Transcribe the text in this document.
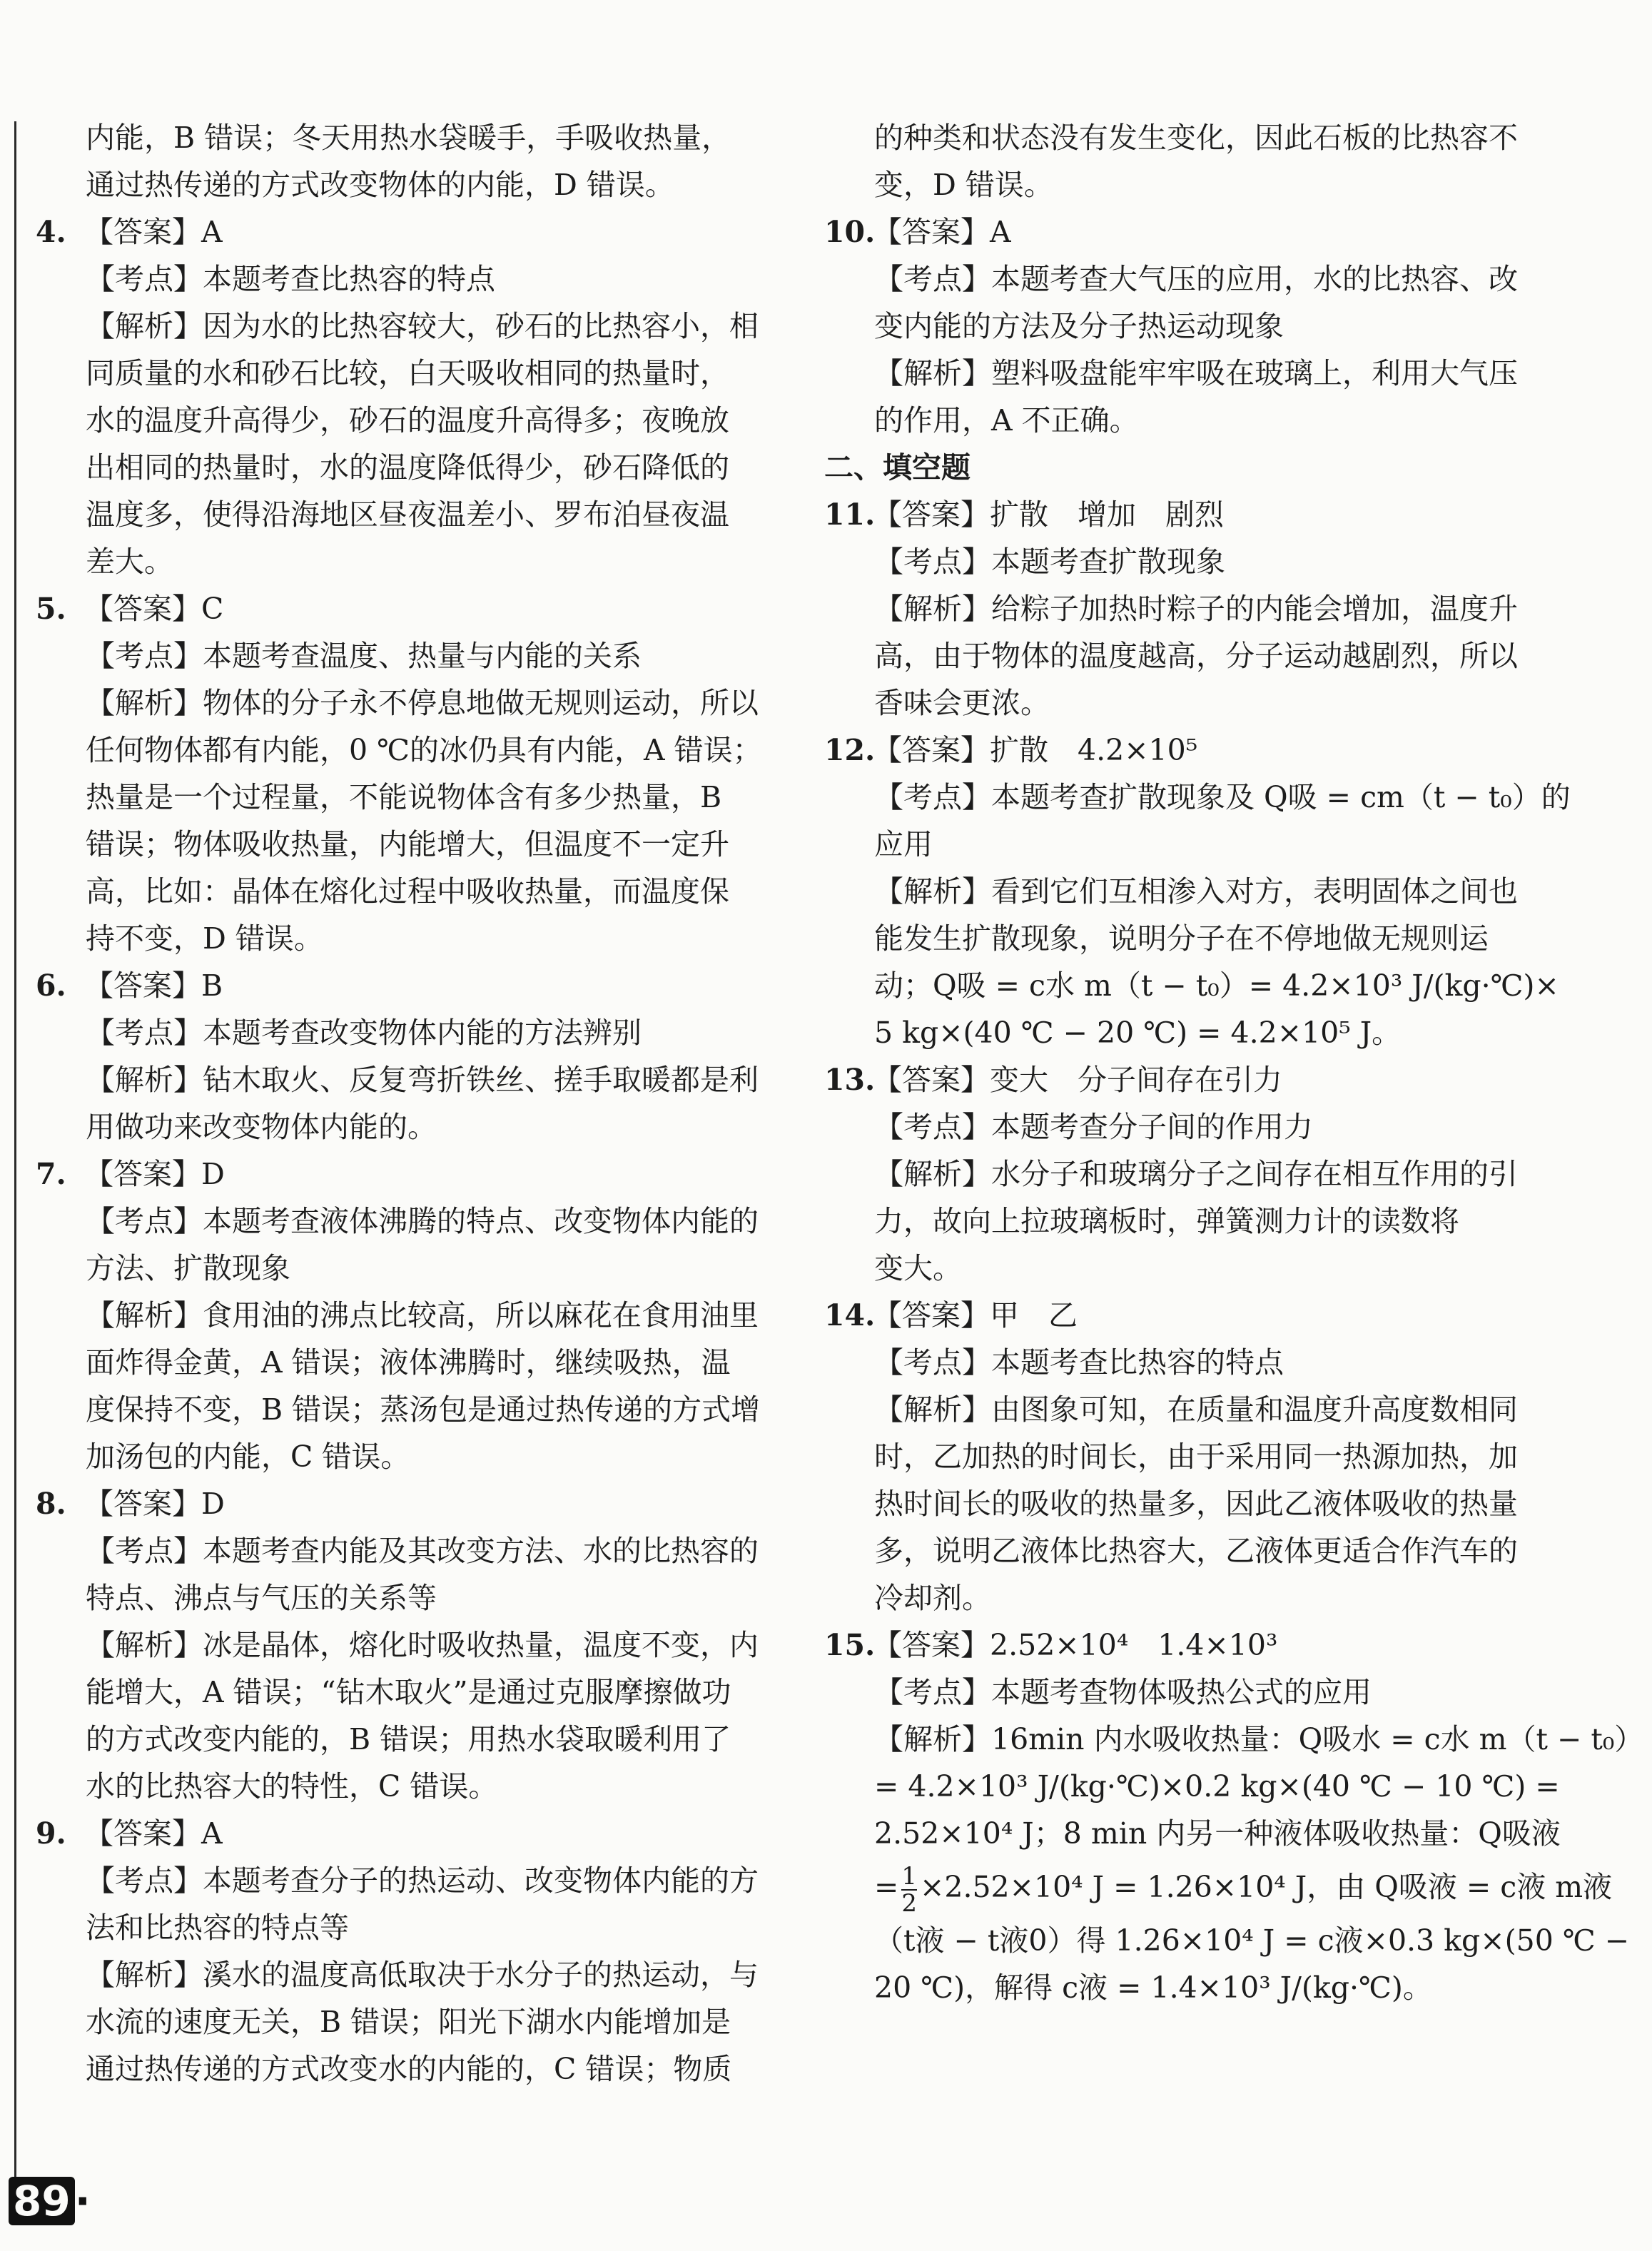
内能，B 错误；冬天用热水袋暖手，手吸收热量，
通过热传递的方式改变物体的内能，D 错误。
4. 【答案】A
【考点】本题考查比热容的特点
【解析】因为水的比热容较大，砂石的比热容小，相
同质量的水和砂石比较，白天吸收相同的热量时，
水的温度升高得少，砂石的温度升高得多；夜晚放
出相同的热量时，水的温度降低得少，砂石降低的
温度多，使得沿海地区昼夜温差小、罗布泊昼夜温
差大。
5. 【答案】C
【考点】本题考查温度、热量与内能的关系
【解析】物体的分子永不停息地做无规则运动，所以
任何物体都有内能，0 ℃的冰仍具有内能，A 错误；
热量是一个过程量，不能说物体含有多少热量，B
错误；物体吸收热量，内能增大，但温度不一定升
高，比如：晶体在熔化过程中吸收热量，而温度保
持不变，D 错误。
6. 【答案】B
【考点】本题考查改变物体内能的方法辨别
【解析】钻木取火、反复弯折铁丝、搓手取暖都是利
用做功来改变物体内能的。
7. 【答案】D
【考点】本题考查液体沸腾的特点、改变物体内能的
方法、扩散现象
【解析】食用油的沸点比较高，所以麻花在食用油里
面炸得金黄，A 错误；液体沸腾时，继续吸热，温
度保持不变，B 错误；蒸汤包是通过热传递的方式增
加汤包的内能，C 错误。
8. 【答案】D
【考点】本题考查内能及其改变方法、水的比热容的
特点、沸点与气压的关系等
【解析】冰是晶体，熔化时吸收热量，温度不变，内
能增大，A 错误；“钻木取火”是通过克服摩擦做功
的方式改变内能的，B 错误；用热水袋取暖利用了
水的比热容大的特性，C 错误。
9. 【答案】A
【考点】本题考查分子的热运动、改变物体内能的方
法和比热容的特点等
【解析】溪水的温度高低取决于水分子的热运动，与
水流的速度无关，B 错误；阳光下湖水内能增加是
通过热传递的方式改变水的内能的，C 错误；物质
的种类和状态没有发生变化，因此石板的比热容不
变，D 错误。
10.【答案】A
【考点】本题考查大气压的应用，水的比热容、改
变内能的方法及分子热运动现象
【解析】塑料吸盘能牢牢吸在玻璃上，利用大气压
的作用，A 不正确。
二、填空题
11.【答案】扩散　增加　剧烈
【考点】本题考查扩散现象
【解析】给粽子加热时粽子的内能会增加，温度升
高，由于物体的温度越高，分子运动越剧烈，所以
香味会更浓。
12.【答案】扩散　4.2×10⁵
【考点】本题考查扩散现象及 Q吸 = cm（t − t₀）的
应用
【解析】看到它们互相渗入对方，表明固体之间也
能发生扩散现象，说明分子在不停地做无规则运
动；Q吸 = c水 m（t − t₀）= 4.2×10³ J/(kg·℃)×
5 kg×(40 ℃ − 20 ℃) = 4.2×10⁵ J。
13.【答案】变大　分子间存在引力
【考点】本题考查分子间的作用力
【解析】水分子和玻璃分子之间存在相互作用的引
力，故向上拉玻璃板时，弹簧测力计的读数将
变大。
14.【答案】甲　乙
【考点】本题考查比热容的特点
【解析】由图象可知，在质量和温度升高度数相同
时，乙加热的时间长，由于采用同一热源加热，加
热时间长的吸收的热量多，因此乙液体吸收的热量
多，说明乙液体比热容大，乙液体更适合作汽车的
冷却剂。
15.【答案】2.52×10⁴　1.4×10³
【考点】本题考查物体吸热公式的应用
【解析】16min 内水吸收热量：Q吸水 = c水 m（t − t₀）
= 4.2×10³ J/(kg·℃)×0.2 kg×(40 ℃ − 10 ℃) =
2.52×10⁴ J；8 min 内另一种液体吸收热量：Q吸液
= $\frac{1}{2} \times 2.52\times 10^4$ J = 1.26×10⁴ J，由 Q吸液 = c液 m液
（t液 − t液0）得 1.26×10⁴ J = c液×0.3 kg×(50 ℃ −
20 ℃)，解得 c液 = 1.4×10³ J/(kg·℃)。
89 ·
